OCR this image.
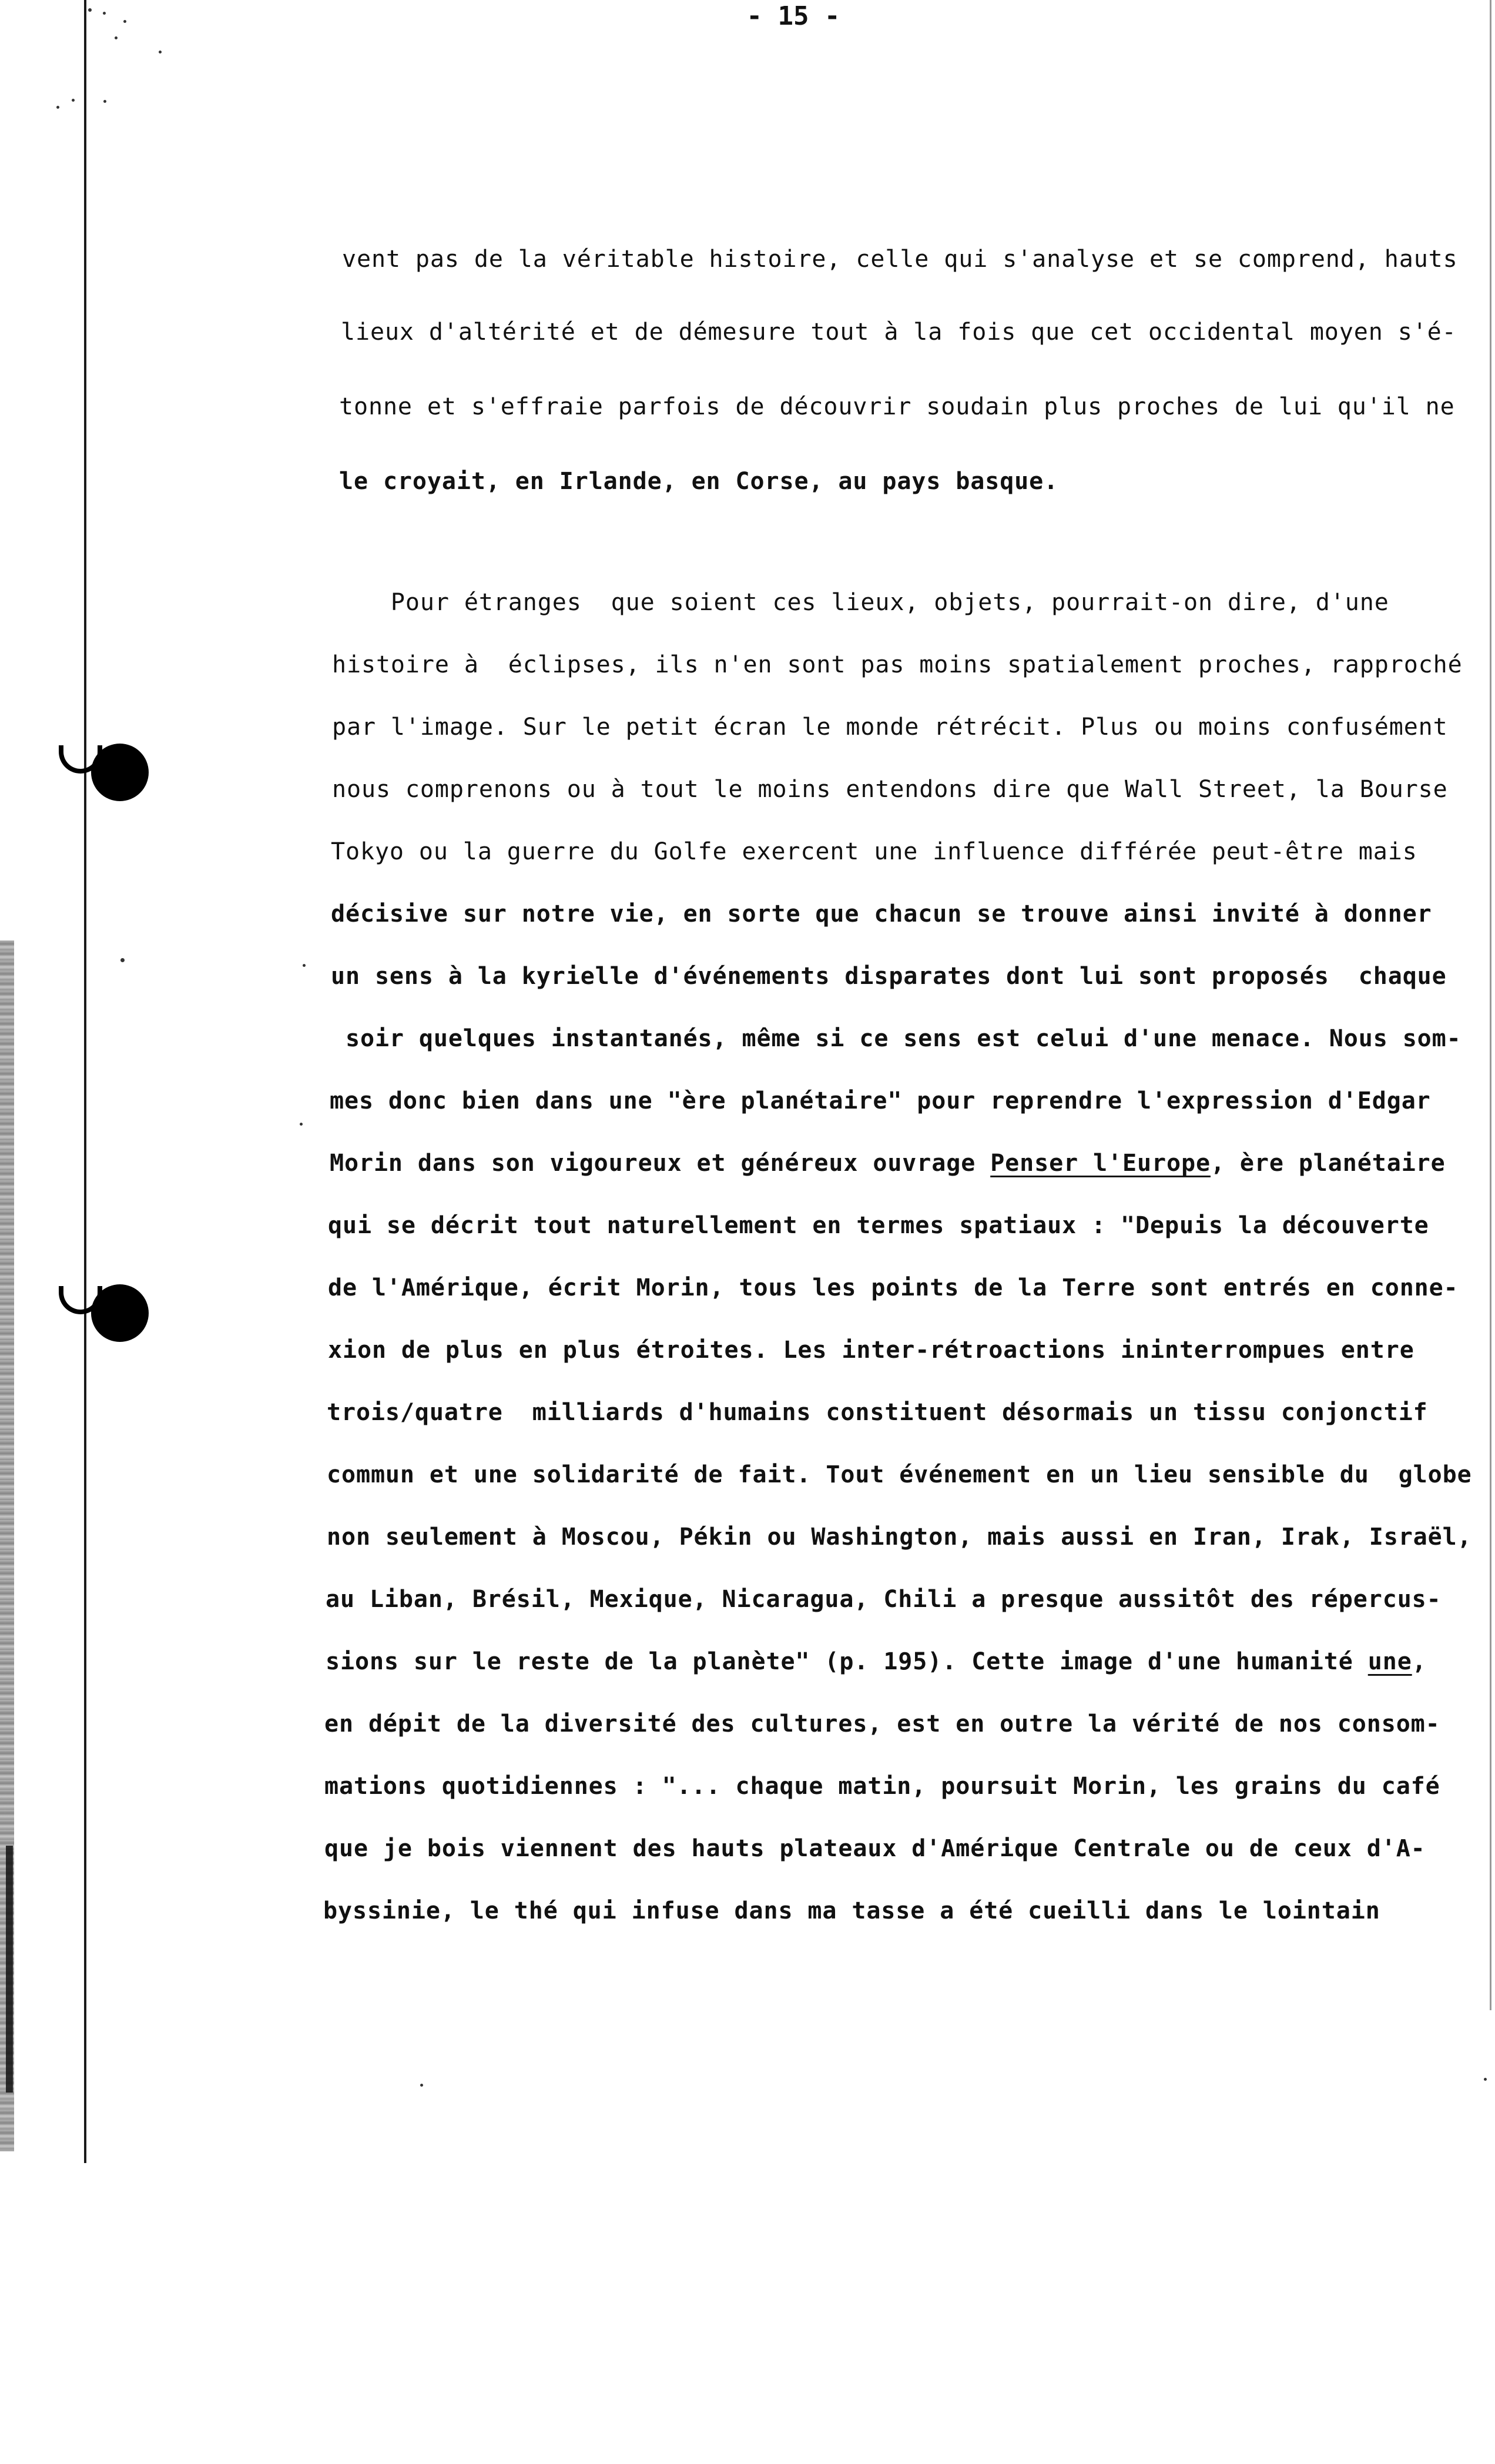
- 15 -
vent pas de la véritable histoire, celle qui s'analyse et se comprend, hauts
lieux d'altérité et de démesure tout à la fois que cet occidental moyen s'é-
tonne et s'effraie parfois de découvrir soudain plus proches de lui qu'il ne
le croyait, en Irlande, en Corse, au pays basque.
Pour étranges  que soient ces lieux, objets, pourrait-on dire, d'une
histoire à  éclipses, ils n'en sont pas moins spatialement proches, rapproché
par l'image. Sur le petit écran le monde rétrécit. Plus ou moins confusément
nous comprenons ou à tout le moins entendons dire que Wall Street, la Bourse
Tokyo ou la guerre du Golfe exercent une influence différée peut-être mais
décisive sur notre vie, en sorte que chacun se trouve ainsi invité à donner
un sens à la kyrielle d'événements disparates dont lui sont proposés  chaque
soir quelques instantanés, même si ce sens est celui d'une menace. Nous som-
mes donc bien dans une "ère planétaire" pour reprendre l'expression d'Edgar
Morin dans son vigoureux et généreux ouvrage Penser l'Europe, ère planétaire
qui se décrit tout naturellement en termes spatiaux : "Depuis la découverte
de l'Amérique, écrit Morin, tous les points de la Terre sont entrés en conne-
xion de plus en plus étroites. Les inter-rétroactions ininterrompues entre
trois/quatre  milliards d'humains constituent désormais un tissu conjonctif
commun et une solidarité de fait. Tout événement en un lieu sensible du  globe
non seulement à Moscou, Pékin ou Washington, mais aussi en Iran, Irak, Israël,
au Liban, Brésil, Mexique, Nicaragua, Chili a presque aussitôt des répercus-
sions sur le reste de la planète" (p. 195). Cette image d'une humanité une,
en dépit de la diversité des cultures, est en outre la vérité de nos consom-
mations quotidiennes : "... chaque matin, poursuit Morin, les grains du café
que je bois viennent des hauts plateaux d'Amérique Centrale ou de ceux d'A-
byssinie, le thé qui infuse dans ma tasse a été cueilli dans le lointain
